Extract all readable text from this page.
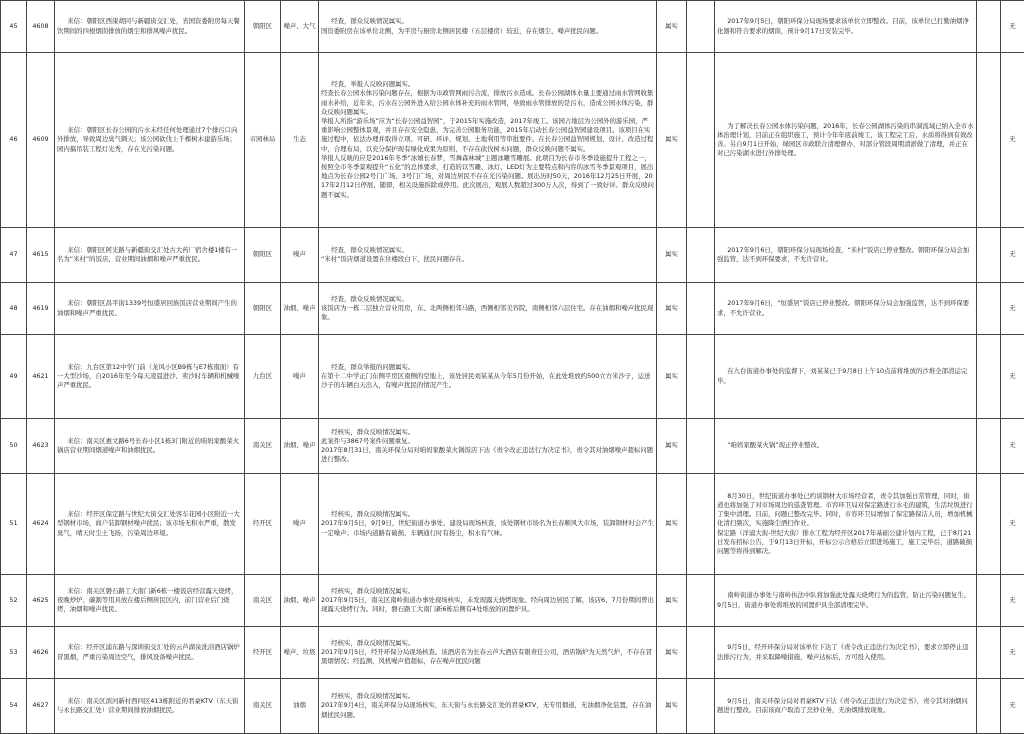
45	4608	来信：朝阳区西康胡同与新疆街交汇处，省国资委附房每天餐饮期间的四根烟囱排放的烟尘和排风噪声扰民。	朝阳区	噪声、大气	经查，群众反映情况属实。
国资委附房在该单位北侧，为平房与厨房北侧居民楼（五层楼房）较近，存在烟尘、噪声扰民问题。	属实		2017年9月5日，朝阳环保分局现场要求该单位立即整改。目前，该单位已打勤油烟净化器和符合要求的烟囱，预计9月17日安装完毕。		无

46	4609	来信：朝阳区长春公园的污水未经任何处理通过7个排污口向外排放，导致周边臭气刺天；该公园砍伐上千棵树木建游乐场；园内搞吊装工程灯光秀，存在光污染问题。	市园林局	生态	经查，举报人反映问题属实。
经查长春公园水体污染问题存在，根据为市政管网雨污合流，排放污水造成。长春公园湖体水量主要通过雨水管网收集雨水补给，近年来，污水在公园外进入给公园水体补充的雨水管网，导致雨水管排放的是污水，造成公园水体污染，群众反映问题属实。
举报人所指“游乐场”应为“长春公园益智园”，于2015年实施改造，2017年竣工。该园占地层为公园外的游乐园，严重影响公园整体景观，并且存在安全隐患，为完善公园服务功能，2015年启动长春公园益智园建设项目。该项目在实施过程中，依法办理并取得立项、可研、环评、规划、土地利用等审批要件。在长春公园益智园规划、设计、改造过程中，合理布局，以充分保护现有绿化成果为原则，不存在砍伐树木问题，群众反映问题不属实。
举报人反映的应是2016年冬季“冰嬉长春梦，雪舞森林城”主题冰雕雪雕展。此项目为长春市冬季设施提升工程之一，按照全市冬季景观提升“五化”的总体要求，打造的以雪雕、冰灯、LED灯为主要特点和内容的冰雪冬季景观项目，展出地点为长春公园2号门广场、3号门广场，对周边居民不存在光污染问题。展出历时50天，2016年12月25日开展，2017年2月12日停展，随即，相关设施拆除或停用。此次展出，观展人数超过300万人次，得到了一致好评。群众反映问题不属实。	属实		为了解决长春公园水体污染问题，2016年，长春公园湖体污染的串洞流域已纳入全市水体治理计划，目前正在组织施工，预计今年年底前竣工，该工程完工后，水质将得到有效改善。另自9月1日开始，绿园区市政联合清理督办，对部分管段周期清淤做了清理，并正在对已污染湖水进行外排处理。		无

47	4615	来信：朝阳区阿光路与新疆街交汇处古大药厂宿舍楼1楼有一名为“米村”的饭店，营业期间油烟和噪声严重扰民。	朝阳区	噪声	经查，群众反映情况属实。
“米村”饭店烟道设置在住楼段白下，扰民问题存在。	属实		2017年9月6日，朝阳环保分局现场检查，“米村”饭店已停业整改。朝阳环保分局会加强监管，达不到环保要求，不允许营业。		无

48	4619	来信：朝阳区昌平街1339号恒盛居回族饭店营业期间产生的油烟和噪声严重扰民。	朝阳区	油烟、噪声	经查，群众反映情况属实。
该饭店为一栋二层独立营业用房，东、北两侧相邻马路，西侧相邻美容院，南侧相邻六层住宅。存在油烟和噪声扰民现象。	属实		2017年9月6日，“恒盛居”饭店已停业整改。朝阳环保分局会加强监管，达不到环保要求，不允许营业。		无

49	4621	来信：九台区第12中学门前（龙风小区B9栋与E7栋南面）有一大型沙场，自2016年至今每天凌晨进沙、卖沙时车辆和机械噪声严重扰民。	九台区	噪声	经查，群众举报的问题属实。
在第十二中学正门东侧平房区南侧的空地上，该处居民刘某某从今年5月份开始，在此处堆放约500立方米沙子，运送沙子的车辆白天出入，有噪声扰民的情况产生。	属实		在九台街道办事处的监督下，刘某某已于9月8日上午10点前将堆放的沙堆全部清运完毕。		无

50	4623	来信：南关区惠文路6号长春小区1栋3门附近的咱妈家酸菜火锅店营业期间烟道噪声和油烟扰民。	南关区	油烟、噪声	经核实，群众反映情况属实。
此案件与3867号案件问题重复。
2017年8月31日，南关环保分局对咱妈家酸菜火锅饭店下达《责令改正违法行为决定书》，责令其对油烟噪声超标问题进行整改。	属实		“咱妈家酸菜火锅”现正停业整改。		无

51	4624	来信：经开区保定路与世纪大街交汇处客车花园小区附近一大型钢材市场，商户装卸钢材噪声扰民；该市场无积水严重，散发臭气，晴天时尘土飞扬，污染周边环境。	经开区	噪声	经核实，群众反映情况属实。
2017年9月5日，9月9日，世纪街道办事处、建设局现场核查，该处钢材市场名为长春顺风大市场，装卸钢材时会产生一定噪声；市场内道路有破损，车辆通行时有扬尘，积水有气味。	属实		8月30日，世纪街道办事处已约谈钢材大市场经营者，责令其加强日常管理，同时，街道也将加强了对市场周边的巡查管理。市容环卫局对保定路进行水毛的建筑，生活垃圾进行了集中清理。目前，问题已整改完毕。同时，市容环卫局增加了保定路保洁人员，增加机械化清扫频次，实施降尘洒扫作业。
保定路（洋浦大街-世纪大街）排水工程为经开区2017年基础公建计划内工程，已于8月21日发布招标公告，于9月13日开标，开标公示合格后立即进场施工，施工完毕后，道路破损问题等将得到解决。		无

52	4625	来信：南关区磐石路工大南门新6栋一楼饭店经营露天烧烤，夜晚炒炉、碳割等用具放在楼后侧居民区内，前门营业后门烧烤，油烟和噪声扰民。	南关区	油烟、噪声	经核实，群众反映情况属实。
2017年9月5日，南关区南岭街道办事处现场核实，未发现露天烧烤现象。经向周边居民了解，该店6、7月份期间曾出现露天烧烤行为。同时，磐石路工大南门新6栋后侧有4处堆放的闲置炉具。	属实		南岭街道办事处与南岭执法中队将加强此处露天烧烤行为的监管，防止污染问题复生。9月5日，街道办事处将堆放的闲置炉具全部清理完毕。		无

53	4626	来信：经开区浦东路与深圳街交汇处的云芦湖泉洗浴酒店锅炉冒黑烟，严重污染周边空气，排风设备噪声扰民。	经开区	噪声、垃圾	经核实，群众反映情况属实。
2017年9月5日，经开环保分局现场核查。该酒店名为长春云芦大酒店有限责任公司，酒店锅炉为天然气炉，不存在冒黑烟情况；经监测，风机噪声值超标，存在噪声扰民问题	属实		9月5日，经开环保分局对该单位下达了《责令改正违法行为决定书》，要求立即停止违法排污行为，并采取降噪措施，噪声达标后，方可投入使用。		无

54	4627	来信：南关区滨河新村西四区413栋附近的君豪KTV（东天街与永长路交汇处）营业期间排放油烟扰民。	南关区	油烟	经核实，群众反映情况属实。
2017年9月4日，南关环保分局现场核实，东天街与永长路交汇处的君豪KTV，无专用烟道，无油烟净化装置，存在油烟扰民问题。	属实		9月5日，南关环保分局对君豪KTV下达《责令改正违法行为决定书》，责令其对油烟问题进行整改。目前该商户取消了烹炒业务，无油烟排放现象。		无
